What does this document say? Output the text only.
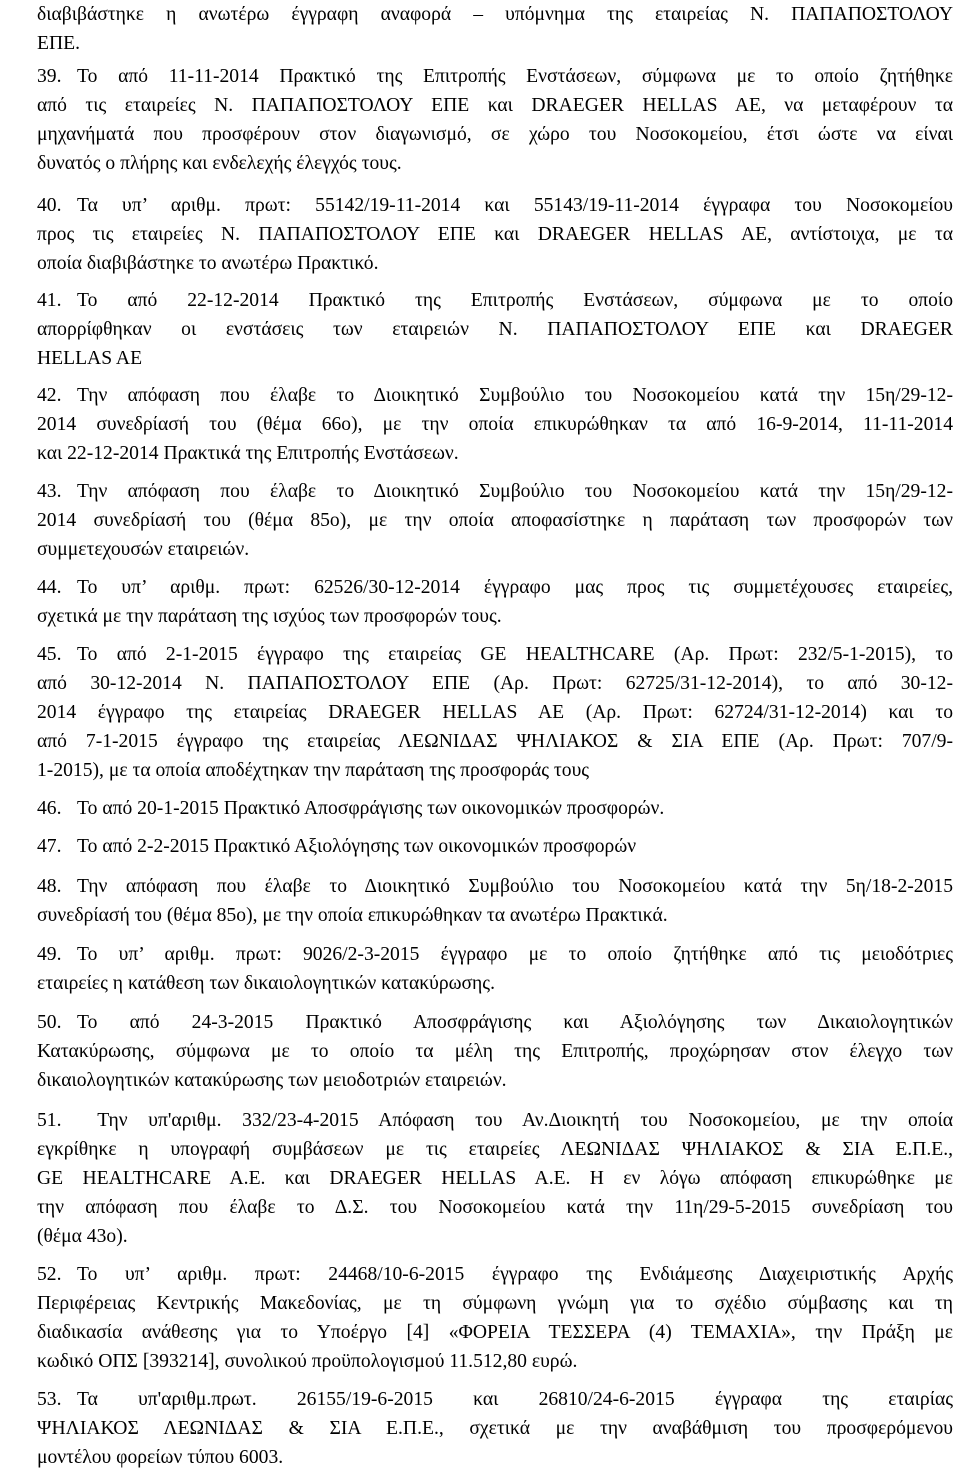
διαβιβάστηκε η ανωτέρω έγγραφη αναφορά – υπόμνημα της εταιρείας Ν. ΠΑΠΑΠΟΣΤΟΛΟΥ
ΕΠΕ.
39. Το από 11-11-2014 Πρακτικό της Επιτροπής Ενστάσεων, σύμφωνα με το οποίο ζητήθηκε
από τις εταιρείες Ν. ΠΑΠΑΠΟΣΤΟΛΟΥ ΕΠΕ και DRAEGER HELLAS AE, να μεταφέρουν τα
μηχανήματά που προσφέρουν στον διαγωνισμό, σε χώρο του Νοσοκομείου, έτσι ώστε να είναι
δυνατός ο πλήρης και ενδελεχής έλεγχός τους.
40. Τα υπ’ αριθμ. πρωτ: 55142/19-11-2014 και 55143/19-11-2014 έγγραφα του Νοσοκομείου
προς τις εταιρείες Ν. ΠΑΠΑΠΟΣΤΟΛΟΥ ΕΠΕ και DRAEGER HELLAS AE, αντίστοιχα, με τα
οποία διαβιβάστηκε το ανωτέρω Πρακτικό.
41. Το από 22-12-2014 Πρακτικό της Επιτροπής Ενστάσεων, σύμφωνα με το οποίο
απορρίφθηκαν οι ενστάσεις των εταιρειών Ν. ΠΑΠΑΠΟΣΤΟΛΟΥ ΕΠΕ και DRAEGER
HELLAS AE
42. Την απόφαση που έλαβε το Διοικητικό Συμβούλιο του Νοσοκομείου κατά την 15η/29-12-
2014 συνεδρίασή του (θέμα 66ο), με την οποία επικυρώθηκαν τα από 16-9-2014, 11-11-2014
και 22-12-2014 Πρακτικά της Επιτροπής Ενστάσεων.
43. Την απόφαση που έλαβε το Διοικητικό Συμβούλιο του Νοσοκομείου κατά την 15η/29-12-
2014 συνεδρίασή του (θέμα 85ο), με την οποία αποφασίστηκε η παράταση των προσφορών των
συμμετεχουσών εταιρειών.
44. Το υπ’ αριθμ. πρωτ: 62526/30-12-2014 έγγραφο μας προς τις συμμετέχουσες εταιρείες,
σχετικά με την παράταση της ισχύος των προσφορών τους.
45. Το από 2-1-2015 έγγραφο της εταιρείας GE HEALTHCARE (Αρ. Πρωτ: 232/5-1-2015), το
από 30-12-2014 Ν. ΠΑΠΑΠΟΣΤΟΛΟΥ ΕΠΕ (Αρ. Πρωτ: 62725/31-12-2014), το από 30-12-
2014 έγγραφο της εταιρείας DRAEGER HELLAS AE (Αρ. Πρωτ: 62724/31-12-2014) και το
από 7-1-2015 έγγραφο της εταιρείας ΛΕΩΝΙΔΑΣ ΨΗΛΙΑΚΟΣ & ΣΙΑ ΕΠΕ (Αρ. Πρωτ: 707/9-
1-2015), με τα οποία αποδέχτηκαν την παράταση της προσφοράς τους
46. Το από 20-1-2015 Πρακτικό Αποσφράγισης των οικονομικών προσφορών.
47. Το από 2-2-2015 Πρακτικό Αξιολόγησης των οικονομικών προσφορών
48. Την απόφαση που έλαβε το Διοικητικό Συμβούλιο του Νοσοκομείου κατά την 5η/18-2-2015
συνεδρίασή του (θέμα 85ο), με την οποία επικυρώθηκαν τα ανωτέρω Πρακτικά.
49. Το υπ’ αριθμ. πρωτ: 9026/2-3-2015 έγγραφο με το οποίο ζητήθηκε από τις μειοδότριες
εταιρείες η κατάθεση των δικαιολογητικών κατακύρωσης.
50. Το από 24-3-2015 Πρακτικό Αποσφράγισης και Αξιολόγησης των Δικαιολογητικών
Κατακύρωσης, σύμφωνα με το οποίο τα μέλη της Επιτροπής, προχώρησαν στον έλεγχο των
δικαιολογητικών κατακύρωσης των μειοδοτριών εταιρειών.
51. Την υπ'αριθμ. 332/23-4-2015 Απόφαση του Αν.Διοικητή του Νοσοκομείου, με την οποία
εγκρίθηκε η υπογραφή συμβάσεων με τις εταιρείες ΛΕΩΝΙΔΑΣ ΨΗΛΙΑΚΟΣ & ΣΙΑ Ε.Π.Ε.,
GE HEALTHCARE A.E. και DRAEGER HELLAS A.E. Η εν λόγω απόφαση επικυρώθηκε με
την απόφαση που έλαβε το Δ.Σ. του Νοσοκομείου κατά την 11η/29-5-2015 συνεδρίαση του
(θέμα 43ο).
52. Το υπ’ αριθμ. πρωτ: 24468/10-6-2015 έγγραφο της Ενδιάμεσης Διαχειριστικής Αρχής
Περιφέρειας Κεντρικής Μακεδονίας, με τη σύμφωνη γνώμη για το σχέδιο σύμβασης και τη
διαδικασία ανάθεσης για το Υποέργο [4] «ΦΟΡΕΙΑ ΤΕΣΣΕΡΑ (4) ΤΕΜΑΧΙΑ», την Πράξη με
κωδικό ΟΠΣ [393214], συνολικού προϋπολογισμού 11.512,80 ευρώ.
53. Τα υπ'αριθμ.πρωτ. 26155/19-6-2015 και 26810/24-6-2015 έγγραφα της εταιρίας
ΨΗΛΙΑΚΟΣ ΛΕΩΝΙΔΑΣ & ΣΙΑ Ε.Π.Ε., σχετικά με την αναβάθμιση του προσφερόμενου
μοντέλου φορείων τύπου 6003.
